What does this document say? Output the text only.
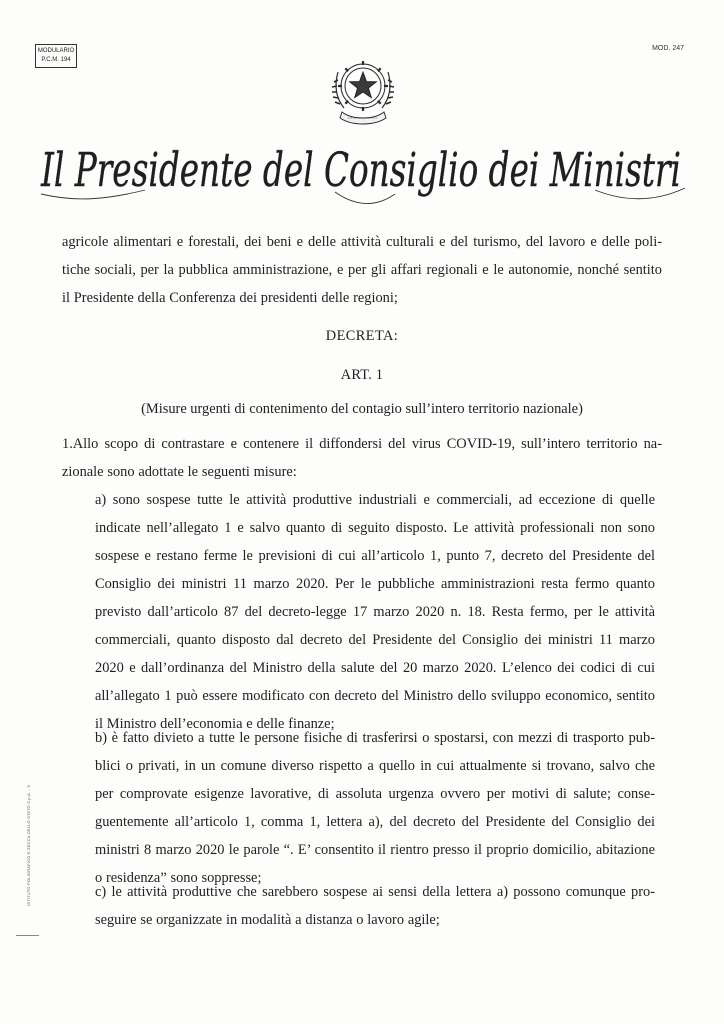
MODULARIO
P.C.M. 194
MOD. 247
Il Presidente del Consiglio dei Ministri
ISTITUTO POLIGRAFICO E ZECCA DELLO STATO S.p.A. - S
agricole alimentari e forestali, dei beni e delle attività culturali e del turismo, del lavoro e delle poli-
tiche sociali, per la pubblica amministrazione, e per gli affari regionali e le autonomie, nonché sentito
il Presidente della Conferenza dei presidenti delle regioni;
DECRETA:
ART. 1
(Misure urgenti di contenimento del contagio sull’intero territorio nazionale)
1.Allo scopo di contrastare e contenere il diffondersi del virus COVID-19, sull’intero territorio na-
zionale sono adottate le seguenti misure:
a) sono sospese tutte le attività produttive industriali e commerciali, ad eccezione di quelle
indicate nell’allegato 1 e salvo quanto di seguito disposto. Le attività professionali non sono
sospese e restano ferme le previsioni di cui all’articolo 1, punto 7, decreto del Presidente del
Consiglio dei ministri 11 marzo 2020. Per le pubbliche amministrazioni resta fermo quanto
previsto dall’articolo 87 del decreto-legge 17 marzo 2020 n. 18. Resta fermo, per le attività
commerciali, quanto disposto dal decreto del Presidente del Consiglio dei ministri 11 marzo
2020 e dall’ordinanza del Ministro della salute del 20 marzo 2020. L’elenco dei codici di cui
all’allegato 1 può essere modificato con decreto del Ministro dello sviluppo economico, sentito
il Ministro dell’economia e delle finanze;
b) è fatto divieto a tutte le persone fisiche di trasferirsi o spostarsi, con mezzi di trasporto pub-
blici o privati, in un comune diverso rispetto a quello in cui attualmente si trovano, salvo che
per comprovate esigenze lavorative, di assoluta urgenza ovvero per motivi di salute; conse-
guentemente all’articolo 1, comma 1, lettera a), del decreto del Presidente del Consiglio dei
ministri 8 marzo 2020 le parole “. E’ consentito il rientro presso il proprio domicilio, abitazione
o residenza” sono soppresse;
c) le attività produttive che sarebbero sospese ai sensi della lettera a) possono comunque pro-
seguire se organizzate in modalità a distanza o lavoro agile;
